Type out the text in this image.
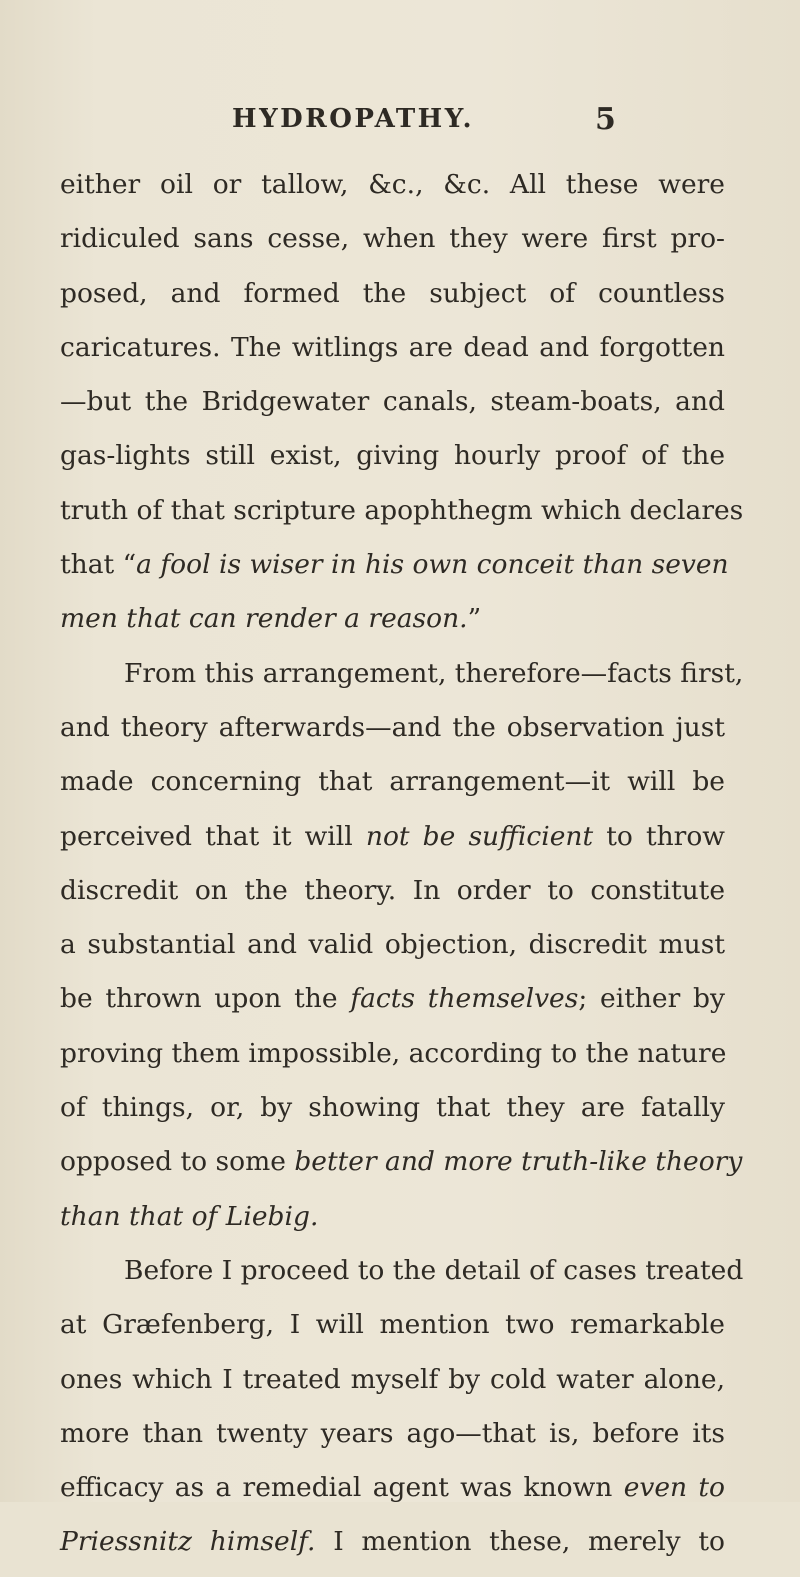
HYDROPATHY.	5
either oil or tallow, &c., &c. All these were
ridiculed sans cesse, when they were first pro-
posed, and formed the subject of countless
caricatures. The witlings are dead and forgotten
—but the Bridgewater canals, steam-boats, and
gas-lights still exist, giving hourly proof of the
truth of that scripture apophthegm which declares
that “a fool is wiser in his own conceit than seven
men that can render a reason.”
From this arrangement, therefore—facts first,
and theory afterwards—and the observation just
made concerning that arrangement—it will be
perceived that it will not be sufficient to throw
discredit on the theory. In order to constitute
a substantial and valid objection, discredit must
be thrown upon the facts themselves; either by
proving them impossible, according to the nature
of things, or, by showing that they are fatally
opposed to some better and more truth-like theory
than that of Liebig.
Before I proceed to the detail of cases treated
at Græfenberg, I will mention two remarkable
ones which I treated myself by cold water alone,
more than twenty years ago—that is, before its
efficacy as a remedial agent was known even to
Priessnitz himself. I mention these, merely to
